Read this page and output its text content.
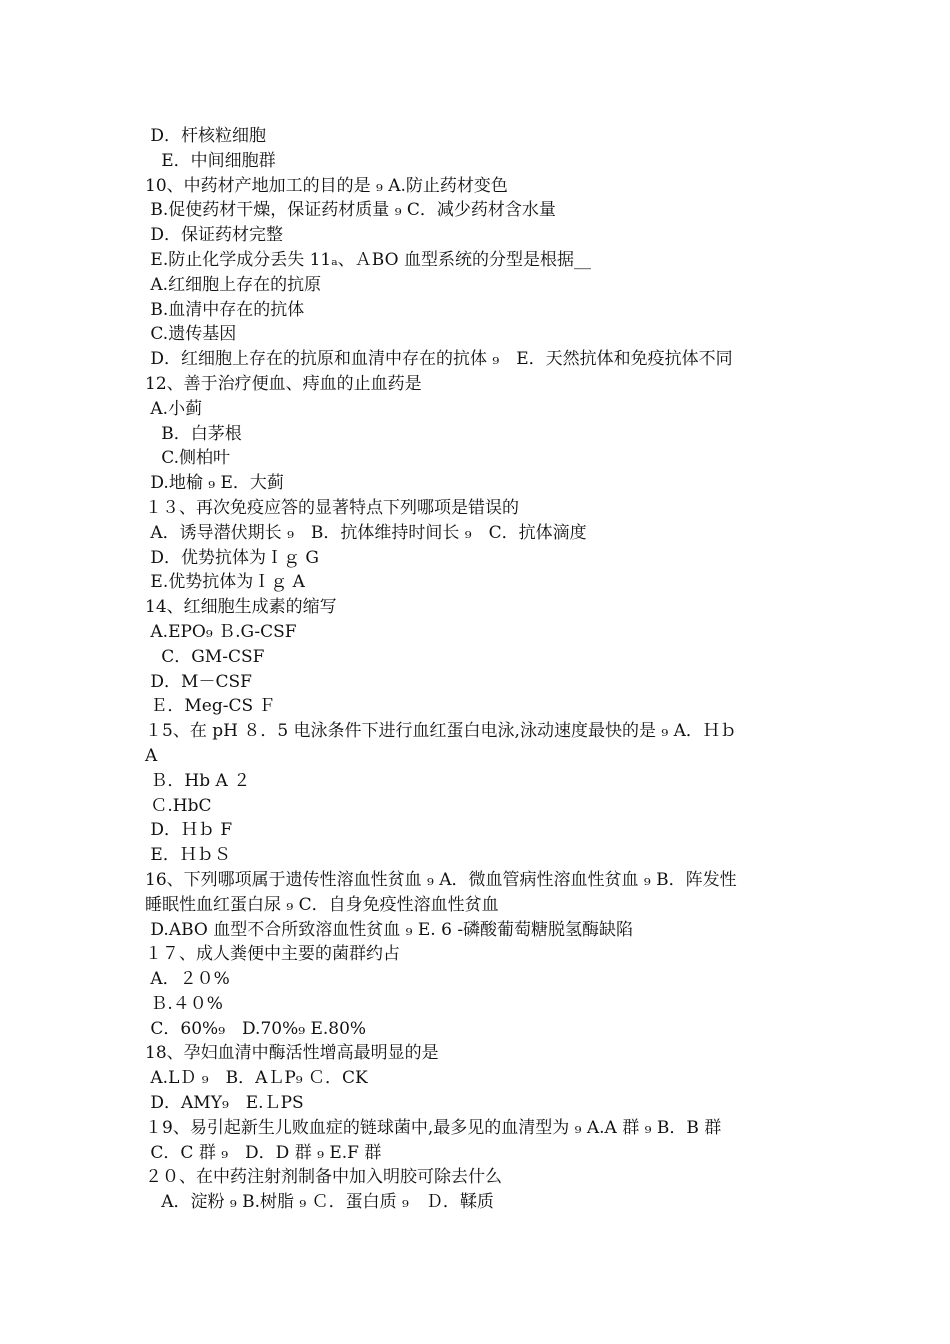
D．杆核粒细胞
E．中间细胞群
10、中药材产地加工的目的是 ₉ A.防止药材变色
B.促使药材干燥，保证药材质量 ₉ C．减少药材含水量
D．保证药材完整
E.防止化学成分丢失 11ₐ、ＡBO 血型系统的分型是根据__
A.红细胞上存在的抗原
B.血清中存在的抗体
C.遗传基因
D．红细胞上存在的抗原和血清中存在的抗体 ₉　E．天然抗体和免疫抗体不同
12、善于治疗便血、痔血的止血药是
A.小蓟
B．白茅根
C.侧柏叶
D.地榆 ₉ E．大蓟
１３、再次免疫应答的显著特点下列哪项是错误的
A．诱导潜伏期长 ₉　B．抗体维持时间长 ₉　C．抗体滴度
D．优势抗体为Ｉｇ G
E.优势抗体为Ｉｇ A
14、红细胞生成素的缩写
A.EPO₉ Ｂ.G-CSF
C．GM-CSF
D．M－CSF
Ｅ．Meg-CS Ｆ
１5、在 pH ８．5 电泳条件下进行血红蛋白电泳,泳动速度最快的是 ₉ A．Ｈｂ
A
Ｂ．Hb A ２
Ｃ.HbC
D．Ｈｂ F
E．ＨｂＳ
16、下列哪项属于遗传性溶血性贫血 ₉ A．微血管病性溶血性贫血 ₉ B．阵发性
睡眠性血红蛋白尿 ₉ C．自身免疫性溶血性贫血
D.ABO 血型不合所致溶血性贫血 ₉ E. 6 -磷酸葡萄糖脱氢酶缺陷
１７、成人粪便中主要的菌群约占
A．２０%
Ｂ.４０%
C．60%₉　D.70%₉ E.80%
18、孕妇血清中酶活性增高最明显的是
A.LＤ ₉　B．AＬP₉ Ｃ．CK
D．AMY₉　E.ＬPS
１9、易引起新生儿败血症的链球菌中,最多见的血清型为 ₉ A.A 群 ₉ B．B 群
C．C 群 ₉　D．D 群 ₉ E.F 群
２０、在中药注射剂制备中加入明胶可除去什么
A．淀粉 ₉ B.树脂 ₉ Ｃ．蛋白质 ₉　Ｄ．鞣质
